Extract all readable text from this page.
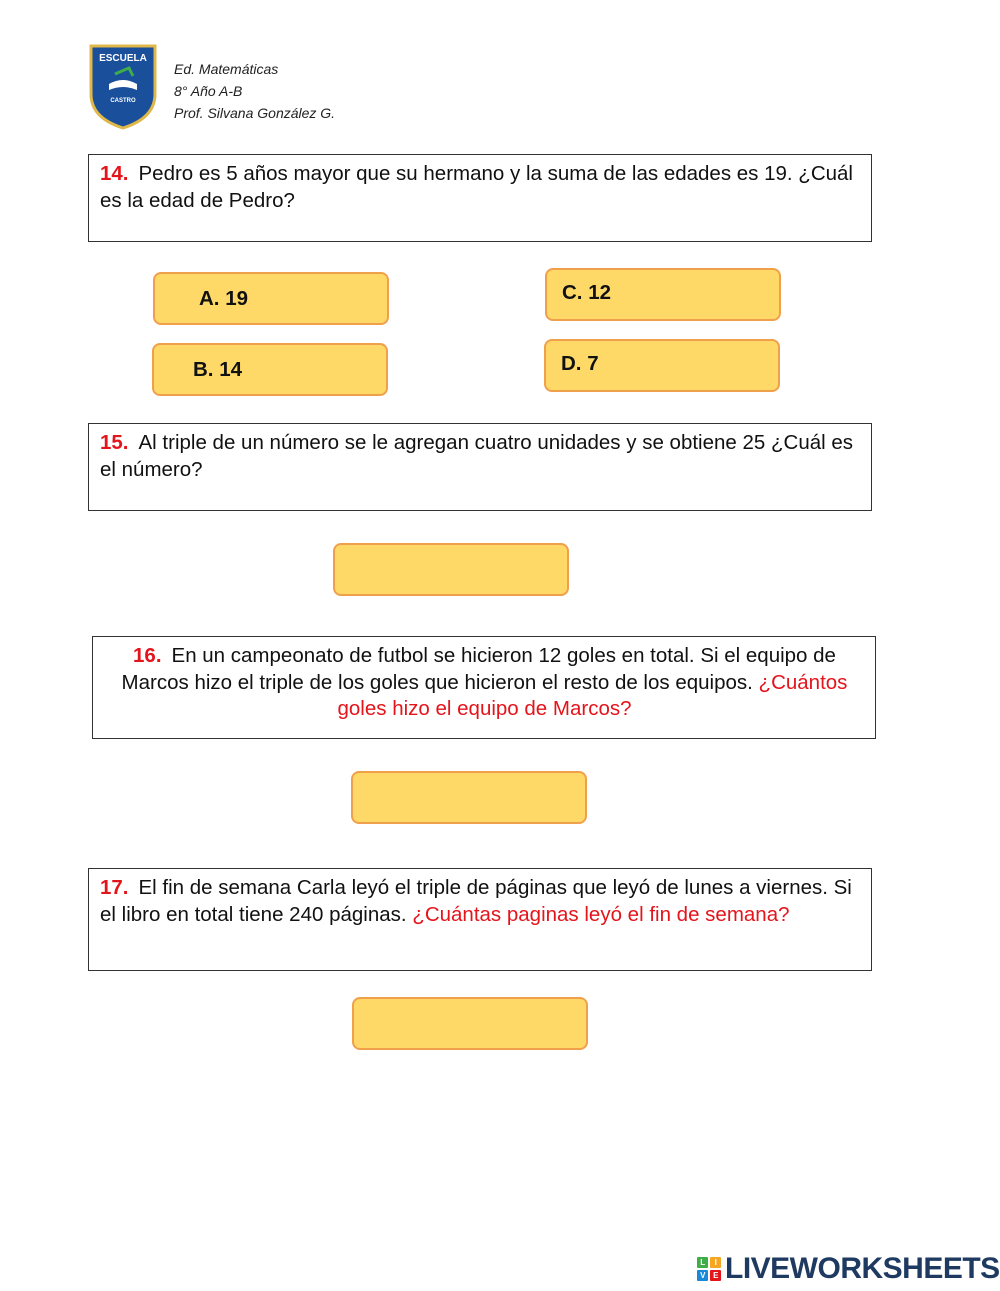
ESCUELA
CASTRO
Ed. Matemáticas
8° Año A-B
Prof. Silvana González G.
14. Pedro es 5 años mayor que su hermano y la suma de las edades es 19. ¿Cuál es la edad de Pedro?
A. 19
B. 14
C. 12
D. 7
15. Al triple de un número se le agregan cuatro unidades y se obtiene 25 ¿Cuál es el número?
16. En un campeonato de futbol se hicieron 12 goles en total. Si el equipo de Marcos hizo el triple de los goles que hicieron el resto de los equipos. ¿Cuántos goles hizo el equipo de Marcos?
17. El fin de semana Carla leyó el triple de páginas que leyó de lunes a viernes. Si el libro en total tiene 240 páginas. ¿Cuántas paginas leyó el fin de semana?
L	I
V	E LIVEWORKSHEETS
